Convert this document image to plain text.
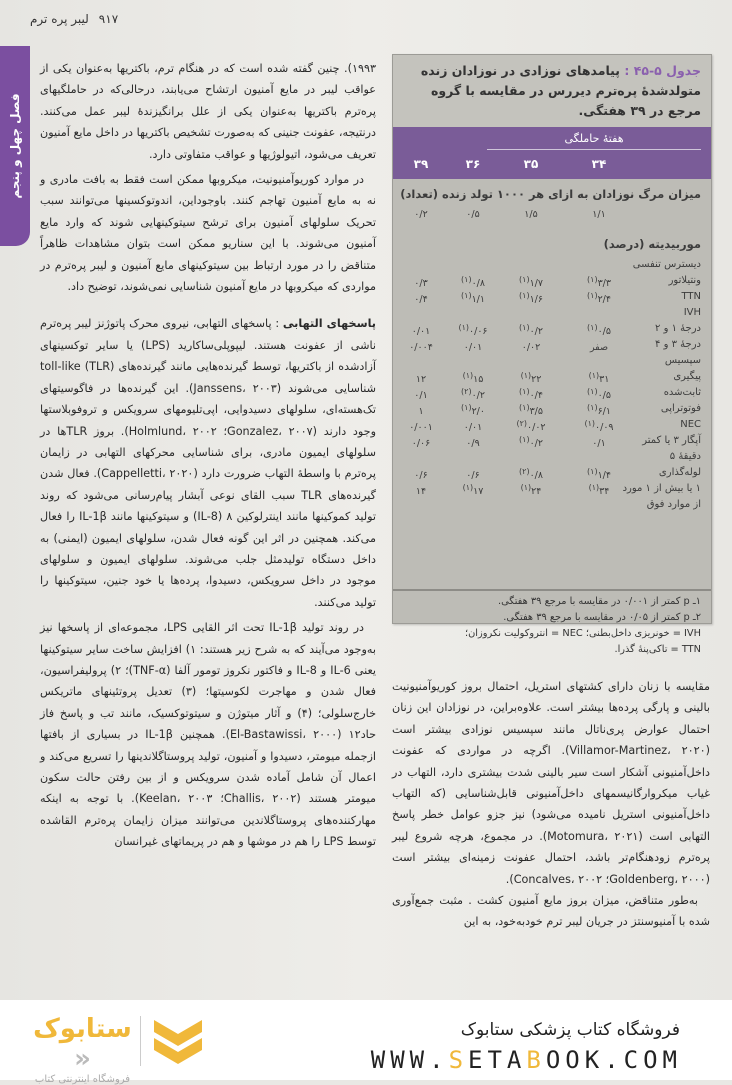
۹۱۷
لیبر پره ترم
فصل چهل و پنجم

۱۹۹۳). چنین گفته شده است که در هنگام ترم، باکتریها به‌عنوان یکی از عواقب لیبر در مایع آمنیون ارتشاح می‌یابند، درحالی‌که در حاملگیهای پره‌ترم باکتریها به‌عنوان یکی از علل برانگیزندهٔ لیبر عمل می‌کنند. درنتیجه، عفونت جنینی که به‌صورت تشخیص باکتریها در داخل مایع آمنیون تعریف می‌شود، اتیولوژیها و عواقب متفاوتی دارد.

در موارد کوریوآمنیونیت، میکروبها ممکن است فقط به بافت مادری و نه به مایع آمنیون تهاجم کنند. باوجوداین، اندوتوکسینها می‌توانند سبب تحریک سلولهای آمنیون برای ترشح سیتوکینهایی شوند که وارد مایع آمنیون می‌شوند. با این سناریو ممکن است بتوان مشاهدات ظاهراً متناقض را در مورد ارتباط بین سیتوکینهای مایع آمنیون و لیبر پره‌ترم در مواردی که میکروبها در مایع آمنیون شناسایی نمی‌شوند، توضیح داد.

پاسخهای التهابی : پاسخهای التهابی، نیروی محرک پاتوژنز لیبر پره‌ترم ناشی از عفونت هستند. لیپوپلی‌ساکارید (LPS) یا سایر توکسینهای آزادشده از باکتریها، توسط گیرنده‌هایی مانند گیرنده‌های toll-like (TLR) شناسایی می‌شوند (Janssens، ۲۰۰۳). این گیرنده‌ها در فاگوسیتهای تک‌هسته‌ای، سلولهای دسیدوایی، اپی‌تلیومهای سرویکس و تروفوبلاستها وجود دارند (Gonzalez، ۲۰۰۷؛ Holmlund، ۲۰۰۲). بروز TLRها در سلولهای ایمیون مادری، برای شناسایی محرکهای التهابی در زایمان پره‌ترم با واسطهٔ التهاب ضرورت دارد (Cappelletti، ۲۰۲۰). فعال شدن گیرنده‌های TLR سبب القای نوعی آبشار پیام‌رسانی می‌شود که روند تولید کموکینها مانند اینترلوکین ۸ (IL-8) و سیتوکینها مانند IL-1β را فعال می‌کند. همچنین در اثر این گونه فعال شدن، سلولهای ایمیون (ایمنی) به داخل دستگاه تولیدمثل جلب می‌شوند. سلولهای ایمیون و سلولهای موجود در داخل سرویکس، دسیدوا، پرده‌ها یا خود جنین، سیتوکینها را تولید می‌کنند.

در روند تولید IL-1β تحت اثر القایی LPS، مجموعه‌ای از پاسخها نیز به‌وجود می‌آیند که به شرح زیر هستند: ۱) افزایش ساخت سایر سیتوکینها یعنی IL-6 و IL-8 و فاکتور نکروز تومور آلفا (TNF-α)؛ ۲) پرولیفراسیون، فعال شدن و مهاجرت لکوسیتها؛ (۳) تعدیل پروتئینهای ماتریکس خارج‌سلولی؛ (۴) و آثار میتوژن و سیتوتوکسیک، مانند تب و پاسخ فاز حاد۱۲ (El-Bastawissi، ۲۰۰۰). همچنین IL-1β در بسیاری از بافتها ازجمله میومتر، دسیدوا و آمنیون، تولید پروستاگلاندینها را تسریع می‌کند و اعمال آن شامل آماده شدن سرویکس و از بین رفتن حالت سکون میومتر هستند (Challis، ۲۰۰۲؛ Keelan، ۲۰۰۳). با توجه به اینکه مهارکننده‌های پروستاگلاندین می‌توانند میزان زایمان پره‌ترم القاشده توسط LPS را هم در موشها و هم در پریماتهای غیرانسان

جدول ۵-۴۵ : پیامدهای نوزادی در نوزادان زنده متولدشدهٔ پره‌ترم دیررس در مقایسه با گروه مرجع در ۳۹ هفتگی.
هفتهٔ حاملگی
۳۴
۳۵
۳۶
۳۹
میزان مرگ نوزادان به ازای هر ۱۰۰۰ تولد زنده (تعداد)
۱/۱
۱/۵
۰/۵
۰/۲
موربیدیته (درصد)
دیسترس تنفسی
ونتیلاتور
۳/۳$^{(۱)}$
۱/۷$^{(۱)}$
۰/۸$^{(۱)}$
۰/۳
TTN
۲/۴$^{(۱)}$
۱/۶$^{(۱)}$
۱/۱$^{(۱)}$
۰/۴
IVH
درجهٔ ۱ و ۲
۰/۵$^{(۱)}$
۰/۲$^{(۱)}$
۰/۰۶$^{(۱)}$
۰/۰۱
درجهٔ ۳ و ۴
صفر
۰/۰۲
۰/۰۱
۰/۰۰۴
سپسیس
پیگیری
۳۱$^{(۱)}$
۲۲$^{(۱)}$
۱۵$^{(۱)}$
۱۲
ثابت‌شده
۰/۵$^{(۱)}$
۰/۴$^{(۱)}$
۰/۲$^{(۲)}$
۰/۱
فوتوتراپی
۶/۱$^{(۱)}$
۳/۵$^{(۱)}$
۲/۰$^{(۱)}$
۱
NEC
۰/۰۹$^{(۱)}$
۰/۰۲$^{(۲)}$
۰/۰۱
۰/۰۰۱
آپگار ۳ یا کمتر
۰/۱
۰/۲$^{(۱)}$
۰/۹
۰/۰۶
دقیقهٔ ۵
لوله‌گذاری
۱/۴$^{(۱)}$
۰/۸$^{(۲)}$
۰/۶
۰/۶
۱ یا بیش از ۱ مورد
۳۴$^{(۱)}$
۲۴$^{(۱)}$
۱۷$^{(۱)}$
۱۴
از موارد فوق
۱ـ p کمتر از ۰/۰۰۱ در مقایسه با مرجع ۳۹ هفتگی.
۲ـ p کمتر از ۰/۰۵ در مقایسه با مرجع ۳۹ هفتگی.
IVH = خونریزی داخل‌بطنی؛ NEC = انتروکولیت نکروزان؛
TTN = تاکی‌پنهٔ گذرا.

مقایسه با زنان دارای کشتهای استریل، احتمال بروز کوریوآمنیونیت بالینی و پارگی پرده‌ها بیشتر است. علاوه‌براین، در نوزادان این زنان احتمال عوارض پری‌ناتال مانند سپسیس نوزادی بیشتر است (Villamor-Martinez، ۲۰۲۰). اگرچه در مواردی که عفونت داخل‌آمنیونی آشکار است سیر بالینی شدت بیشتری دارد، التهاب در غیاب میکروارگانیسمهای داخل‌آمنیونی قابل‌شناسایی (که التهاب داخل‌آمنیونی استریل نامیده می‌شود) نیز جزو عوامل خطر پاسخ التهابی است (Motomura، ۲۰۲۱). در مجموع، هرچه شروع لیبر پره‌ترم زودهنگام‌تر باشد، احتمال عفونت زمینه‌ای بیشتر است (Goldenberg، ۲۰۰۰؛ Concalves، ۲۰۰۲).

به‌طور متناقض، میزان بروز مایع آمنیون کشت . مثبت جمع‌آوری شده با آمنیوسنتز در جریان لیبر ترم خودبه‌خود، به این

ستابوک «
فروشگاه اینترنتی کتاب
فروشگاه کتاب پزشکی ستابوک
WWW.SETABOOK.COM
